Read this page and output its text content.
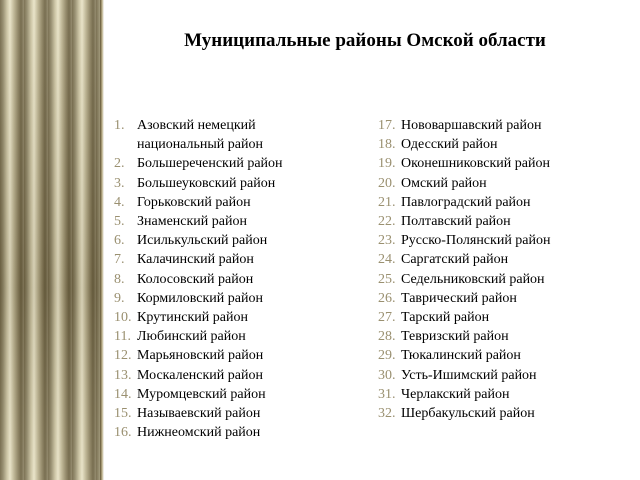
Муниципальные районы Омской области
1. Азовский немецкий национальный район
2. Большереченский район
3. Большеуковский район
4. Горьковский район
5. Знаменский район
6. Исилькульский район
7. Калачинский район
8. Колосовский район
9. Кормиловский район
10. Крутинский район
11. Любинский район
12. Марьяновский район
13. Москаленский район
14. Муромцевский район
15. Называевский район
16. Нижнеомский район
17. Нововаршавский район
18. Одесский район
19. Оконешниковский район
20. Омский район
21. Павлоградский район
22. Полтавский район
23. Русско-Полянский район
24. Саргатский район
25. Седельниковский район
26. Таврический район
27. Тарский район
28. Тевризский район
29. Тюкалинский район
30. Усть-Ишимский район
31. Черлакский район
32. Шербакульский район
